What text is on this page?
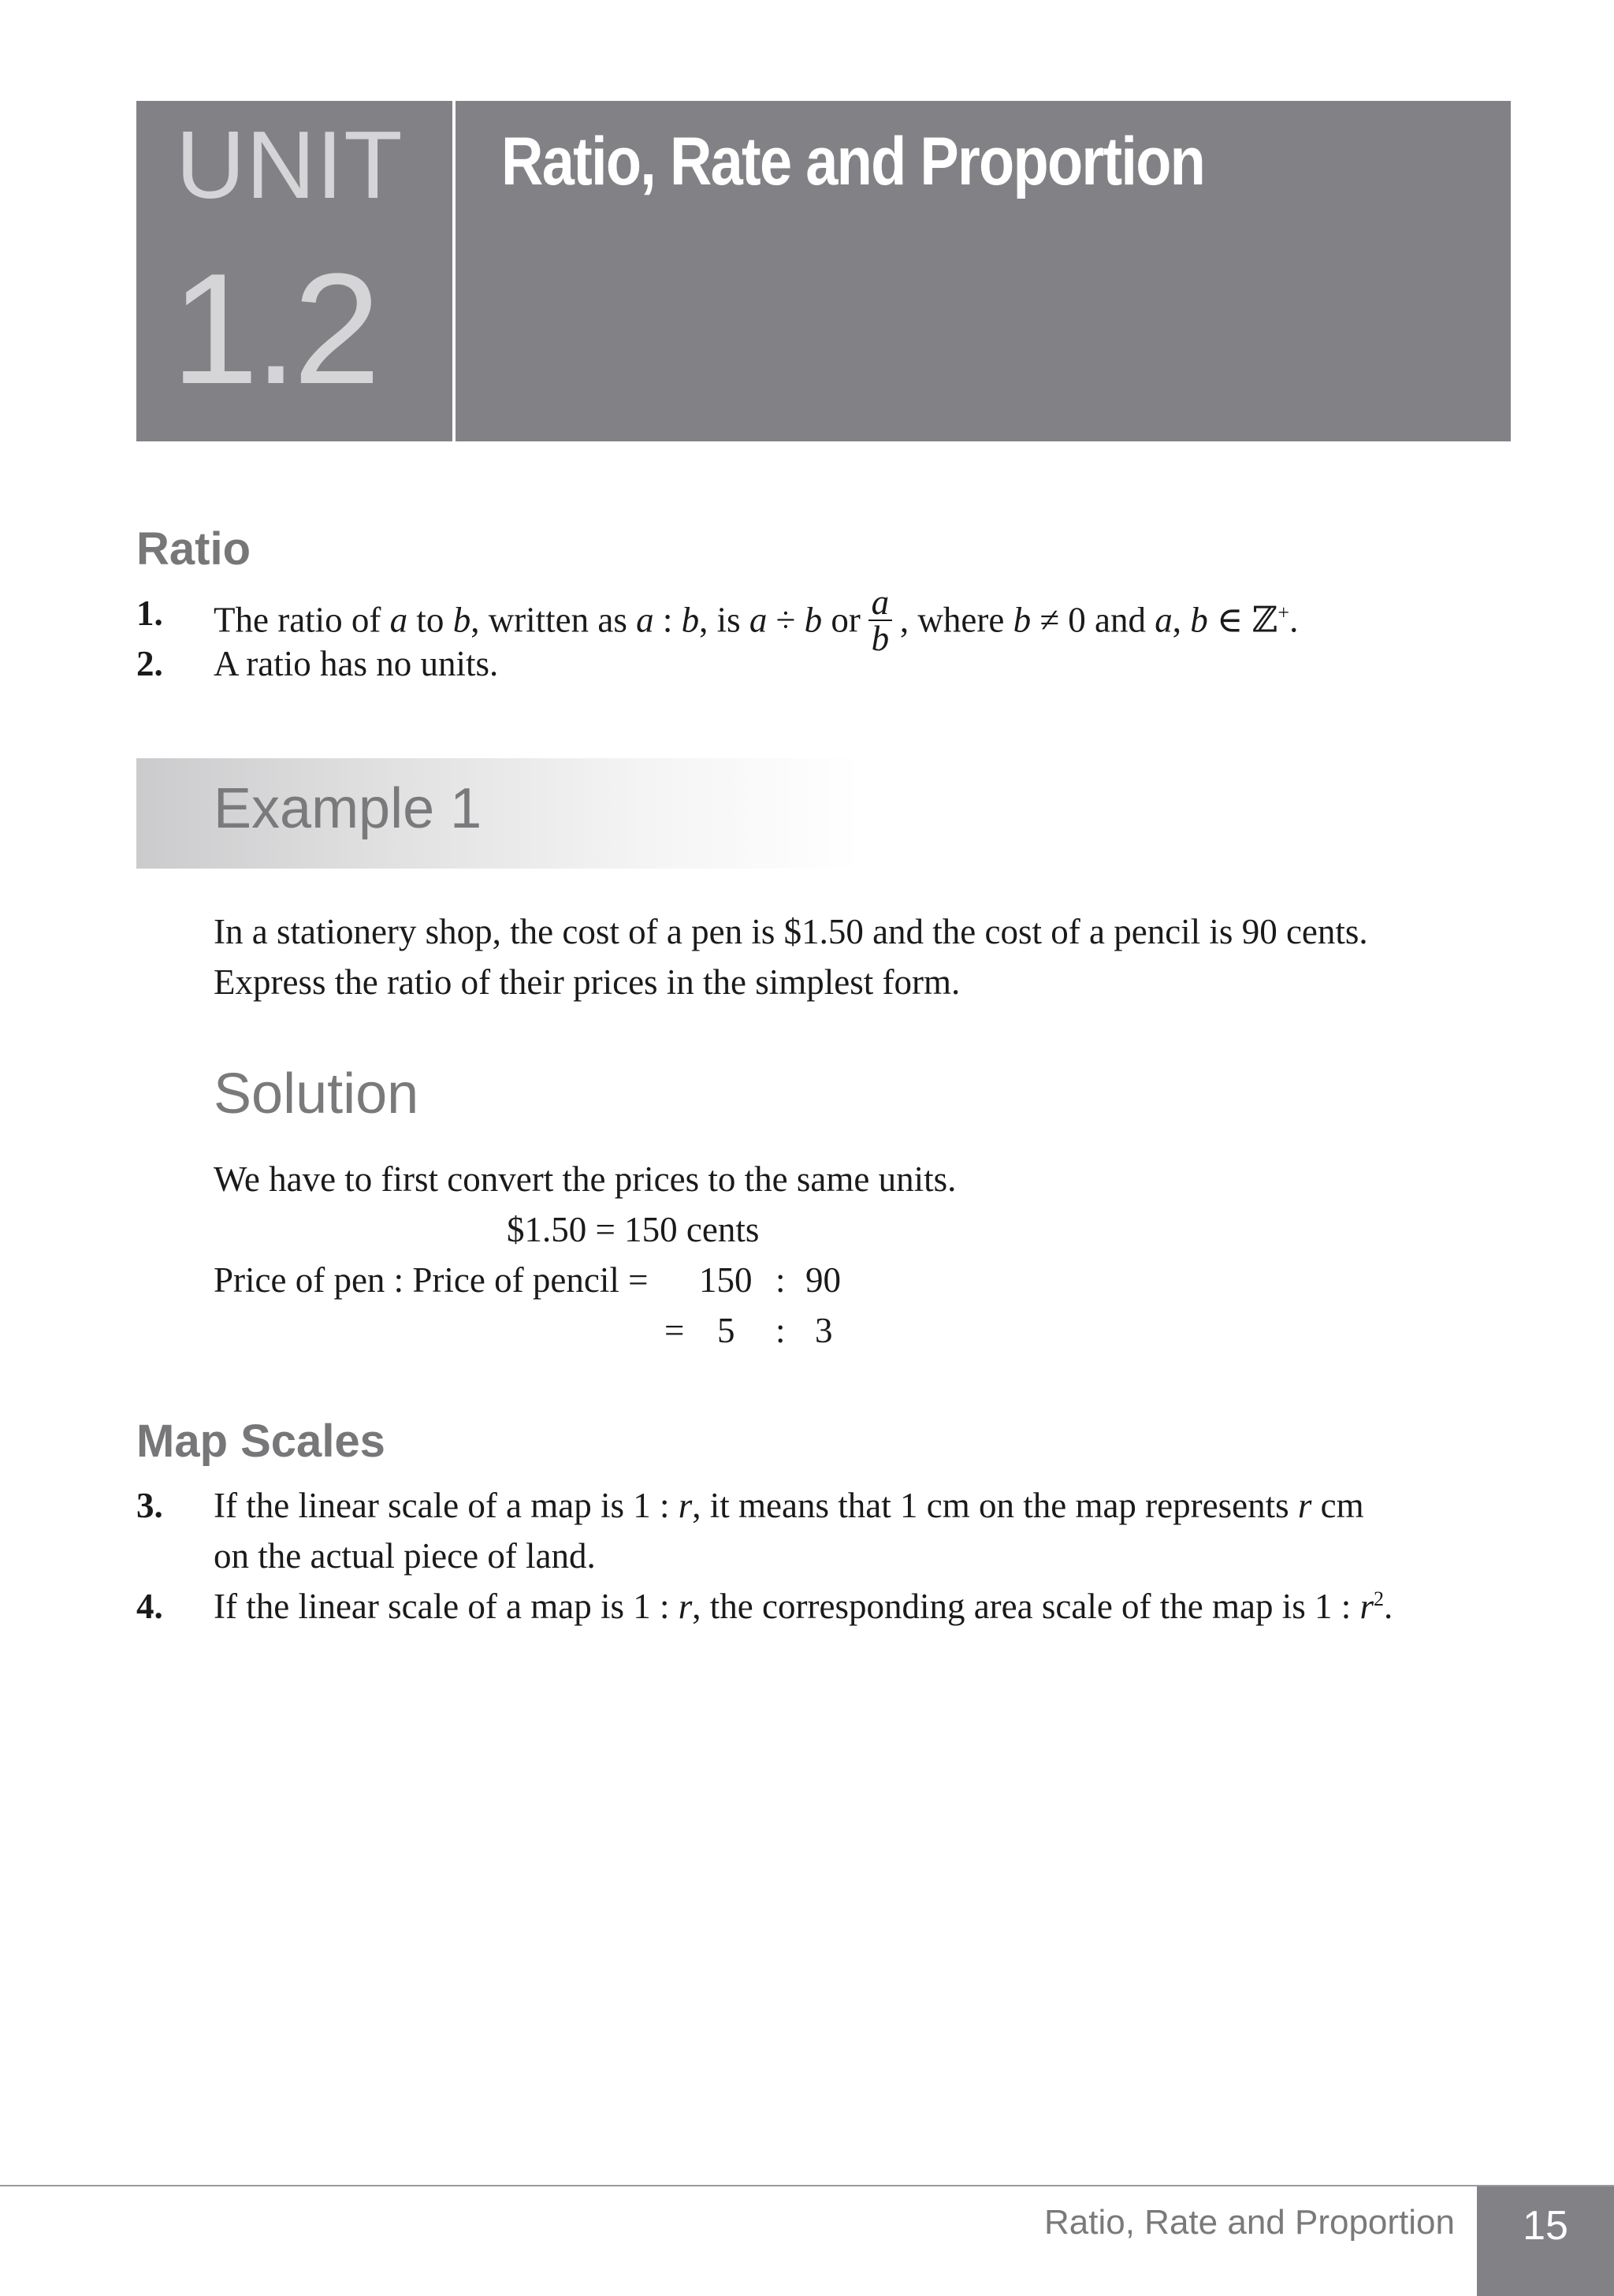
UNIT
1.2
Ratio, Rate and Proportion
Ratio
1. The ratio of a to b, written as a : b, is a ÷ b or $\frac{a}{b}$ , where b ≠ 0 and a, b ∈ ℤ+.
2. A ratio has no units.
Example 1
In a stationery shop, the cost of a pen is $1.50 and the cost of a pencil is 90 cents.
Express the ratio of their prices in the simplest form.
Solution
We have to first convert the prices to the same units.
$1.50 = 150 cents
Price of pen : Price of pencil = 150 : 90
= 5 : 3
Map Scales
3. If the linear scale of a map is 1 : r, it means that 1 cm on the map represents r cm
on the actual piece of land.
4. If the linear scale of a map is 1 : r, the corresponding area scale of the map is 1 : $r^2$.
Ratio, Rate and Proportion	15
